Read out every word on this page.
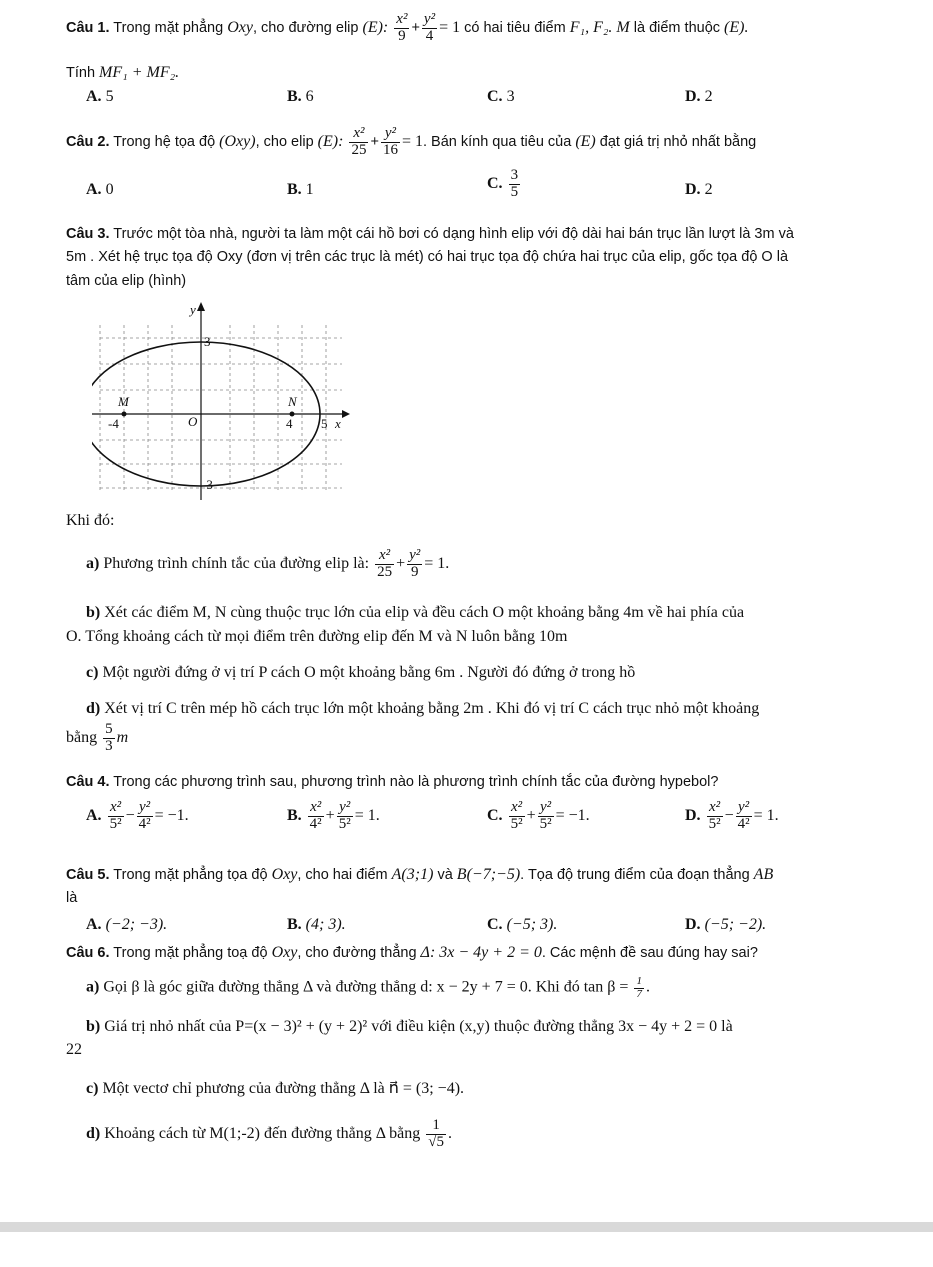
Câu 1. Trong mặt phẳng Oxy, cho đường elip (E): $\frac{\text{x²}}{9} + \frac{\text{y²}}{4} = 1$ có hai tiêu điểm F₁, F₂. M là điểm thuộc (E).
Tính MF₁ + MF₂.
A. 5	B. 6	C. 3	D. 2
Câu 2. Trong hệ tọa độ (Oxy), cho elip (E): $\frac{\text{x²}}{25} + \frac{\text{y²}}{16} = 1$. Bán kính qua tiêu của (E) đạt giá trị nhỏ nhất bằng
A. 0	B. 1	C. $\frac{3}{5}$	D. 2
Câu 3. Trước một tòa nhà, người ta làm một cái hồ bơi có dạng hình elip với độ dài hai bán trục lần lượt là 3m và
5m . Xét hệ trục tọa độ Oxy (đơn vị trên các trục là mét) có hai trục tọa độ chứa hai trục của elip, gốc tọa độ O là
tâm của elip (hình)
y
x
O
3
-3
-4	4 5
M	N
Khi đó:
a) Phương trình chính tắc của đường elip là: $\frac{\text{x²}}{25} + \frac{\text{y²}}{9} = 1$.
b) Xét các điểm M, N cùng thuộc trục lớn của elip và đều cách O một khoảng bằng 4m về hai phía của
O. Tổng khoảng cách từ mọi điểm trên đường elip đến M và N luôn bằng 10m
c) Một người đứng ở vị trí P cách O một khoảng bằng 6m . Người đó đứng ở trong hồ
d) Xét vị trí C trên mép hồ cách trục lớn một khoảng bằng 2m . Khi đó vị trí C cách trục nhỏ một khoảng
bằng $\frac{5}{3}$ m
Câu 4. Trong các phương trình sau, phương trình nào là phương trình chính tắc của đường hypebol?
A. $\frac{\text{x²}}{\text{5²}} - \frac{\text{y²}}{\text{4²}} = -1$.	B. $\frac{\text{x²}}{\text{4²}} + \frac{\text{y²}}{\text{5²}} = 1$.	C. $\frac{\text{x²}}{\text{5²}} + \frac{\text{y²}}{\text{5²}} = -1$.	D. $\frac{\text{x²}}{\text{5²}} - \frac{\text{y²}}{\text{4²}} = 1$.
Câu 5. Trong mặt phẳng tọa độ Oxy, cho hai điểm A(3;1) và B(−7;−5). Tọa độ trung điểm của đoạn thẳng AB
là
A. (−2; −3).	B. (4; 3).	C. (−5; 3).	D. (−5; −2).
Câu 6. Trong mặt phẳng toạ độ Oxy, cho đường thẳng Δ: 3x − 4y + 2 = 0. Các mệnh đề sau đúng hay sai?
a) Gọi β là góc giữa đường thẳng Δ và đường thẳng d: x − 2y + 7 = 0. Khi đó $\tan \beta = \frac{1}{7}$ .
b) Giá trị nhỏ nhất của P=(x − 3)² + (y + 2)² với điều kiện (x,y) thuộc đường thẳng 3x − 4y + 2 = 0 là
22
c) Một vectơ chỉ phương của đường thẳng Δ là n⃗ = (3; −4).
d) Khoảng cách từ M(1;-2) đến đường thẳng Δ bằng $\frac{1}{√5}$ .
